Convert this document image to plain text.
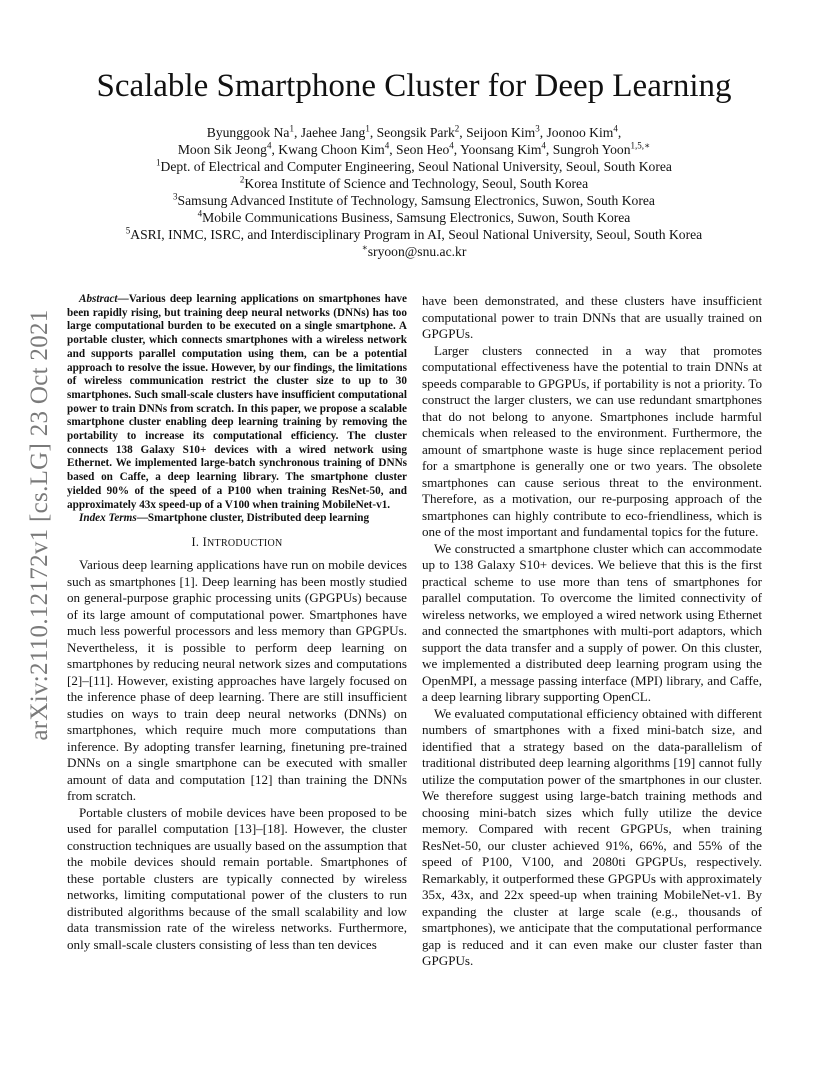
arXiv:2110.12172v1 [cs.LG] 23 Oct 2021
Scalable Smartphone Cluster for Deep Learning
Byunggook Na$^1$, Jaehee Jang$^1$, Seongsik Park$^2$, Seijoon Kim$^3$, Joonoo Kim$^4$,
Moon Sik Jeong$^4$, Kwang Choon Kim$^4$, Seon Heo$^4$, Yoonsang Kim$^4$, Sungroh Yoon$^{1,5,∗}$
$^1$Dept. of Electrical and Computer Engineering, Seoul National University, Seoul, South Korea
$^2$Korea Institute of Science and Technology, Seoul, South Korea
$^3$Samsung Advanced Institute of Technology, Samsung Electronics, Suwon, South Korea
$^4$Mobile Communications Business, Samsung Electronics, Suwon, South Korea
$^5$ASRI, INMC, ISRC, and Interdisciplinary Program in AI, Seoul National University, Seoul, South Korea
∗sryoon@snu.ac.kr

Abstract—Various deep learning applications on smartphones have been rapidly rising, but training deep neural networks (DNNs) has too large computational burden to be executed on a single smartphone. A portable cluster, which connects smartphones with a wireless network and supports parallel computation using them, can be a potential approach to resolve the issue. However, by our findings, the limitations of wireless communication restrict the cluster size to up to 30 smartphones. Such small-scale clusters have insufficient computational power to train DNNs from scratch. In this paper, we propose a scalable smartphone cluster enabling deep learning training by removing the portability to increase its computational efficiency. The cluster connects 138 Galaxy S10+ devices with a wired network using Ethernet. We implemented large-batch synchronous training of DNNs based on Caffe, a deep learning library. The smartphone cluster yielded 90% of the speed of a P100 when training ResNet-50, and approximately 43x speed-up of a V100 when training MobileNet-v1.

Index Terms—Smartphone cluster, Distributed deep learning

I. INTRODUCTION

Various deep learning applications have run on mobile devices such as smartphones [1]. Deep learning has been mostly studied on general-purpose graphic processing units (GPGPUs) because of its large amount of computational power. Smartphones have much less powerful processors and less memory than GPGPUs. Nevertheless, it is possible to perform deep learning on smartphones by reducing neural network sizes and computations [2]–[11]. However, existing approaches have largely focused on the inference phase of deep learning. There are still insufficient studies on ways to train deep neural networks (DNNs) on smartphones, which require much more computations than inference. By adopting transfer learning, finetuning pre-trained DNNs on a single smartphone can be executed with smaller amount of data and computation [12] than training the DNNs from scratch.

Portable clusters of mobile devices have been proposed to be used for parallel computation [13]–[18]. However, the cluster construction techniques are usually based on the assumption that the mobile devices should remain portable. Smartphones of these portable clusters are typically connected by wireless networks, limiting computational power of the clusters to run distributed algorithms because of the small scalability and low data transmission rate of the wireless networks. Furthermore, only small-scale clusters consisting of less than ten devices

have been demonstrated, and these clusters have insufficient computational power to train DNNs that are usually trained on GPGPUs.

Larger clusters connected in a way that promotes computational effectiveness have the potential to train DNNs at speeds comparable to GPGPUs, if portability is not a priority. To construct the larger clusters, we can use redundant smartphones that do not belong to anyone. Smartphones include harmful chemicals when released to the environment. Furthermore, the amount of smartphone waste is huge since replacement period for a smartphone is generally one or two years. The obsolete smartphones can cause serious threat to the environment. Therefore, as a motivation, our re-purposing approach of the smartphones can highly contribute to eco-friendliness, which is one of the most important and fundamental topics for the future.

We constructed a smartphone cluster which can accommodate up to 138 Galaxy S10+ devices. We believe that this is the first practical scheme to use more than tens of smartphones for parallel computation. To overcome the limited connectivity of wireless networks, we employed a wired network using Ethernet and connected the smartphones with multi-port adaptors, which support the data transfer and a supply of power. On this cluster, we implemented a distributed deep learning program using the OpenMPI, a message passing interface (MPI) library, and Caffe, a deep learning library supporting OpenCL.

We evaluated computational efficiency obtained with different numbers of smartphones with a fixed mini-batch size, and identified that a strategy based on the data-parallelism of traditional distributed deep learning algorithms [19] cannot fully utilize the computation power of the smartphones in our cluster. We therefore suggest using large-batch training methods and choosing mini-batch sizes which fully utilize the device memory. Compared with recent GPGPUs, when training ResNet-50, our cluster achieved 91%, 66%, and 55% of the speed of P100, V100, and 2080ti GPGPUs, respectively. Remarkably, it outperformed these GPGPUs with approximately 35x, 43x, and 22x speed-up when training MobileNet-v1. By expanding the cluster at large scale (e.g., thousands of smartphones), we anticipate that the computational performance gap is reduced and it can even make our cluster faster than GPGPUs.
